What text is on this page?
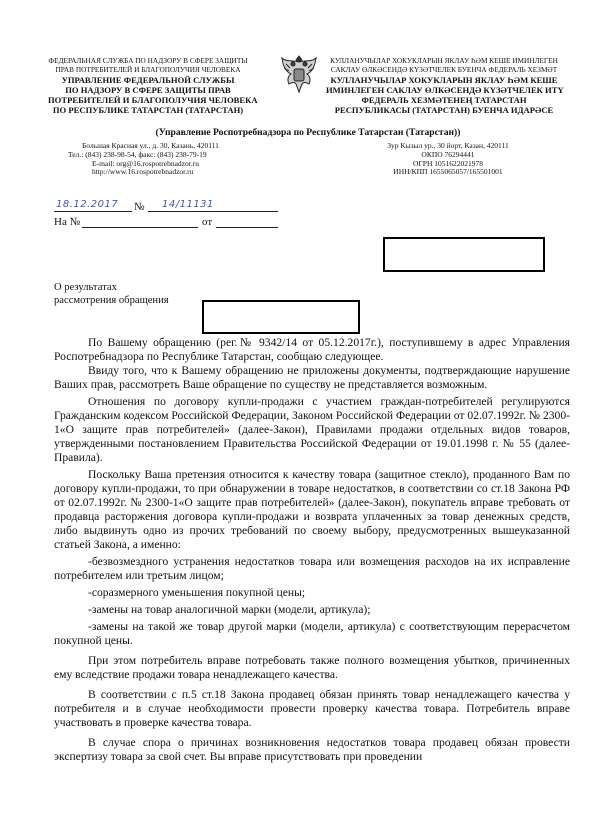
ФЕДЕРАЛЬНАЯ СЛУЖБА ПО НАДЗОРУ В СФЕРЕ ЗАЩИТЫ
ПРАВ ПОТРЕБИТЕЛЕЙ И БЛАГОПОЛУЧИЯ ЧЕЛОВЕКА
УПРАВЛЕНИЕ ФЕДЕРАЛЬНОЙ СЛУЖБЫ
ПО НАДЗОРУ В СФЕРЕ ЗАЩИТЫ ПРАВ
ПОТРЕБИТЕЛЕЙ И БЛАГОПОЛУЧИЯ ЧЕЛОВЕКА
ПО РЕСПУБЛИКЕ ТАТАРСТАН (ТАТАРСТАН)
КУЛЛАНУЧЫЛАР ХОКУКЛАРЫН ЯКЛАУ ҺӘМ КЕШЕ ИМИНЛЕГЕН
САКЛАУ ӨЛКӘСЕНДӘ КҮЗӘТЧЕЛЕК БУЕНЧА ФЕДЕРАЛЬ ХЕЗМӘТ
КУЛЛАНУЧЫЛАР ХОКУКЛАРЫН ЯКЛАУ ҺӘМ КЕШЕ
ИМИНЛЕГЕН САКЛАУ ӨЛКӘСЕНДӘ КҮЗӘТЧЕЛЕК ИТҮ
ФЕДЕРАЛЬ ХЕЗМӘТЕНЕҢ ТАТАРСТАН
РЕСПУБЛИКАСЫ (ТАТАРСТАН) БУЕНЧА ИДАРӘСЕ
(Управление Роспотребнадзора по Республике Татарстан (Татарстан))
Большая Красная ул., д. 30, Казань, 420111
Тел.: (843) 238-98-54, факс: (843) 238-79-19
E-mail: org@16.rospotrebnadzor.ru
http://www.16.rospotrebnadzor.ru
Зур Кызыл ур., 30 йорт, Казан, 420111
ОКПО 76294441
ОГРН 1051622021978
ИНН/КПП 1655065057/165501001
18.12.2017 № 14/11131
На №	от
О результатах
рассмотрения обращения

По Вашему обращению (рег.№ 9342/14 от 05.12.2017г.), поступившему в адрес Управления Роспотребнадзора по Республике Татарстан, сообщаю следующее.

Ввиду того, что к Вашему обращению не приложены документы, подтверждающие нарушение Ваших прав, рассмотреть Ваше обращение по существу не представляется возможным.

Отношения по договору купли-продажи с участием граждан-потребителей регулируются Гражданским кодексом Российской Федерации, Законом Российской Федерации от 02.07.1992г. № 2300-1«О защите прав потребителей» (далее-Закон), Правилами продажи отдельных видов товаров, утвержденными постановлением Правительства Российской Федерации от 19.01.1998 г. № 55 (далее-Правила).

Поскольку Ваша претензия относится к качеству товара (защитное стекло), проданного Вам по договору купли-продажи, то при обнаружении в товаре недостатков, в соответствии со ст.18 Закона РФ от 02.07.1992г. № 2300-1«О защите прав потребителей» (далее-Закон), покупатель вправе требовать от продавца расторжения договора купли-продажи и возврата уплаченных за товар денежных средств, либо выдвинуть одно из прочих требований по своему выбору, предусмотренных вышеуказанной статьей Закона, а именно:

-безвозмездного устранения недостатков товара или возмещения расходов на их исправление потребителем или третьим лицом;

-соразмерного уменьшения покупной цены;

-замены на товар аналогичной марки (модели, артикула);

-замены на такой же товар другой марки (модели, артикула) с соответствующим перерасчетом покупной цены.

При этом потребитель вправе потребовать также полного возмещения убытков, причиненных ему вследствие продажи товара ненадлежащего качества.

В соответствии с п.5 ст.18 Закона продавец обязан принять товар ненадлежащего качества у потребителя и в случае необходимости провести проверку качества товара. Потребитель вправе участвовать в проверке качества товара.

В случае спора о причинах возникновения недостатков товара продавец обязан провести экспертизу товара за свой счет. Вы вправе присутствовать при проведении
